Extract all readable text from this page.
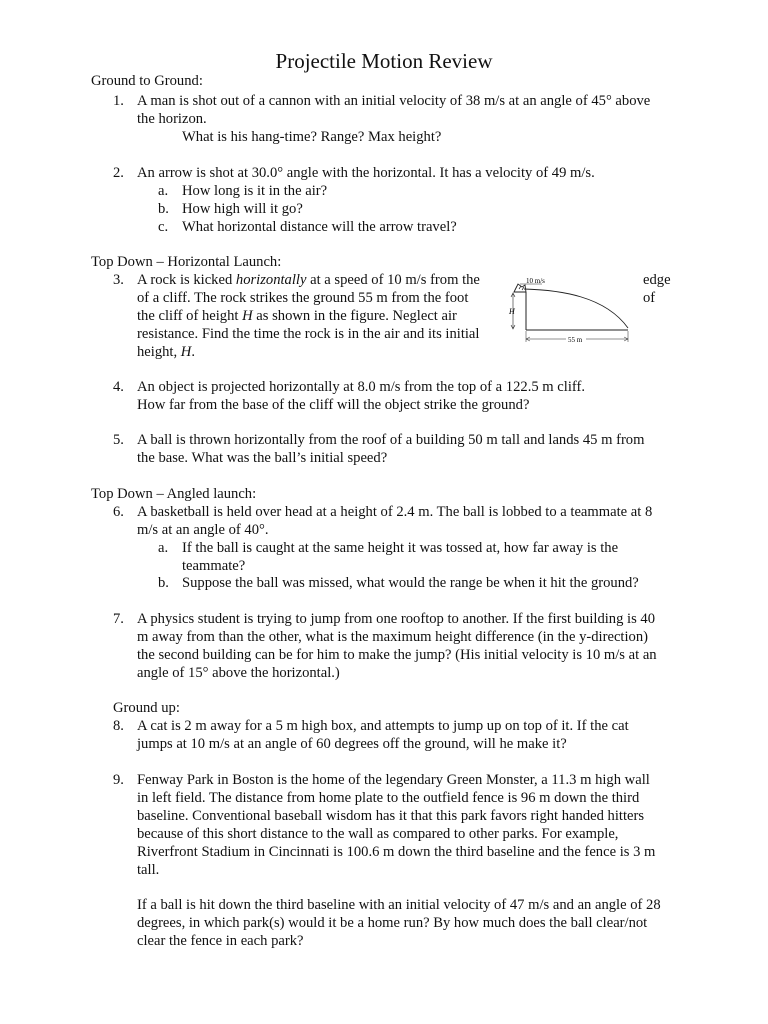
Projectile Motion Review
Ground to Ground:
1. A man is shot out of a cannon with an initial velocity of 38 m/s at an angle of 45° above
the horizon.
What is his hang-time? Range? Max height?
2. An arrow is shot at 30.0° angle with the horizontal. It has a velocity of 49 m/s.
a. How long is it in the air?
b. How high will it go?
c. What horizontal distance will the arrow travel?
Top Down – Horizontal Launch:
3. A rock is kicked horizontally at a speed of 10 m/s from the	edge
of a cliff. The rock strikes the ground 55 m from the foot	of
the cliff of height H as shown in the figure. Neglect air
resistance. Find the time the rock is in the air and its initial
height, H.
10 m/s
H
55 m
4. An object is projected horizontally at 8.0 m/s from the top of a 122.5 m cliff.
How far from the base of the cliff will the object strike the ground?
5. A ball is thrown horizontally from the roof of a building 50 m tall and lands 45 m from
the base. What was the ball’s initial speed?
Top Down – Angled launch:
6. A basketball is held over head at a height of 2.4 m. The ball is lobbed to a teammate at 8
m/s at an angle of 40°.
a. If the ball is caught at the same height it was tossed at, how far away is the
teammate?
b. Suppose the ball was missed, what would the range be when it hit the ground?
7. A physics student is trying to jump from one rooftop to another. If the first building is 40
m away from than the other, what is the maximum height difference (in the y-direction)
the second building can be for him to make the jump? (His initial velocity is 10 m/s at an
angle of 15° above the horizontal.)
Ground up:
8. A cat is 2 m away for a 5 m high box, and attempts to jump up on top of it. If the cat
jumps at 10 m/s at an angle of 60 degrees off the ground, will he make it?
9. Fenway Park in Boston is the home of the legendary Green Monster, a 11.3 m high wall
in left field. The distance from home plate to the outfield fence is 96 m down the third
baseline. Conventional baseball wisdom has it that this park favors right handed hitters
because of this short distance to the wall as compared to other parks. For example,
Riverfront Stadium in Cincinnati is 100.6 m down the third baseline and the fence is 3 m
tall.
If a ball is hit down the third baseline with an initial velocity of 47 m/s and an angle of 28
degrees, in which park(s) would it be a home run? By how much does the ball clear/not
clear the fence in each park?
